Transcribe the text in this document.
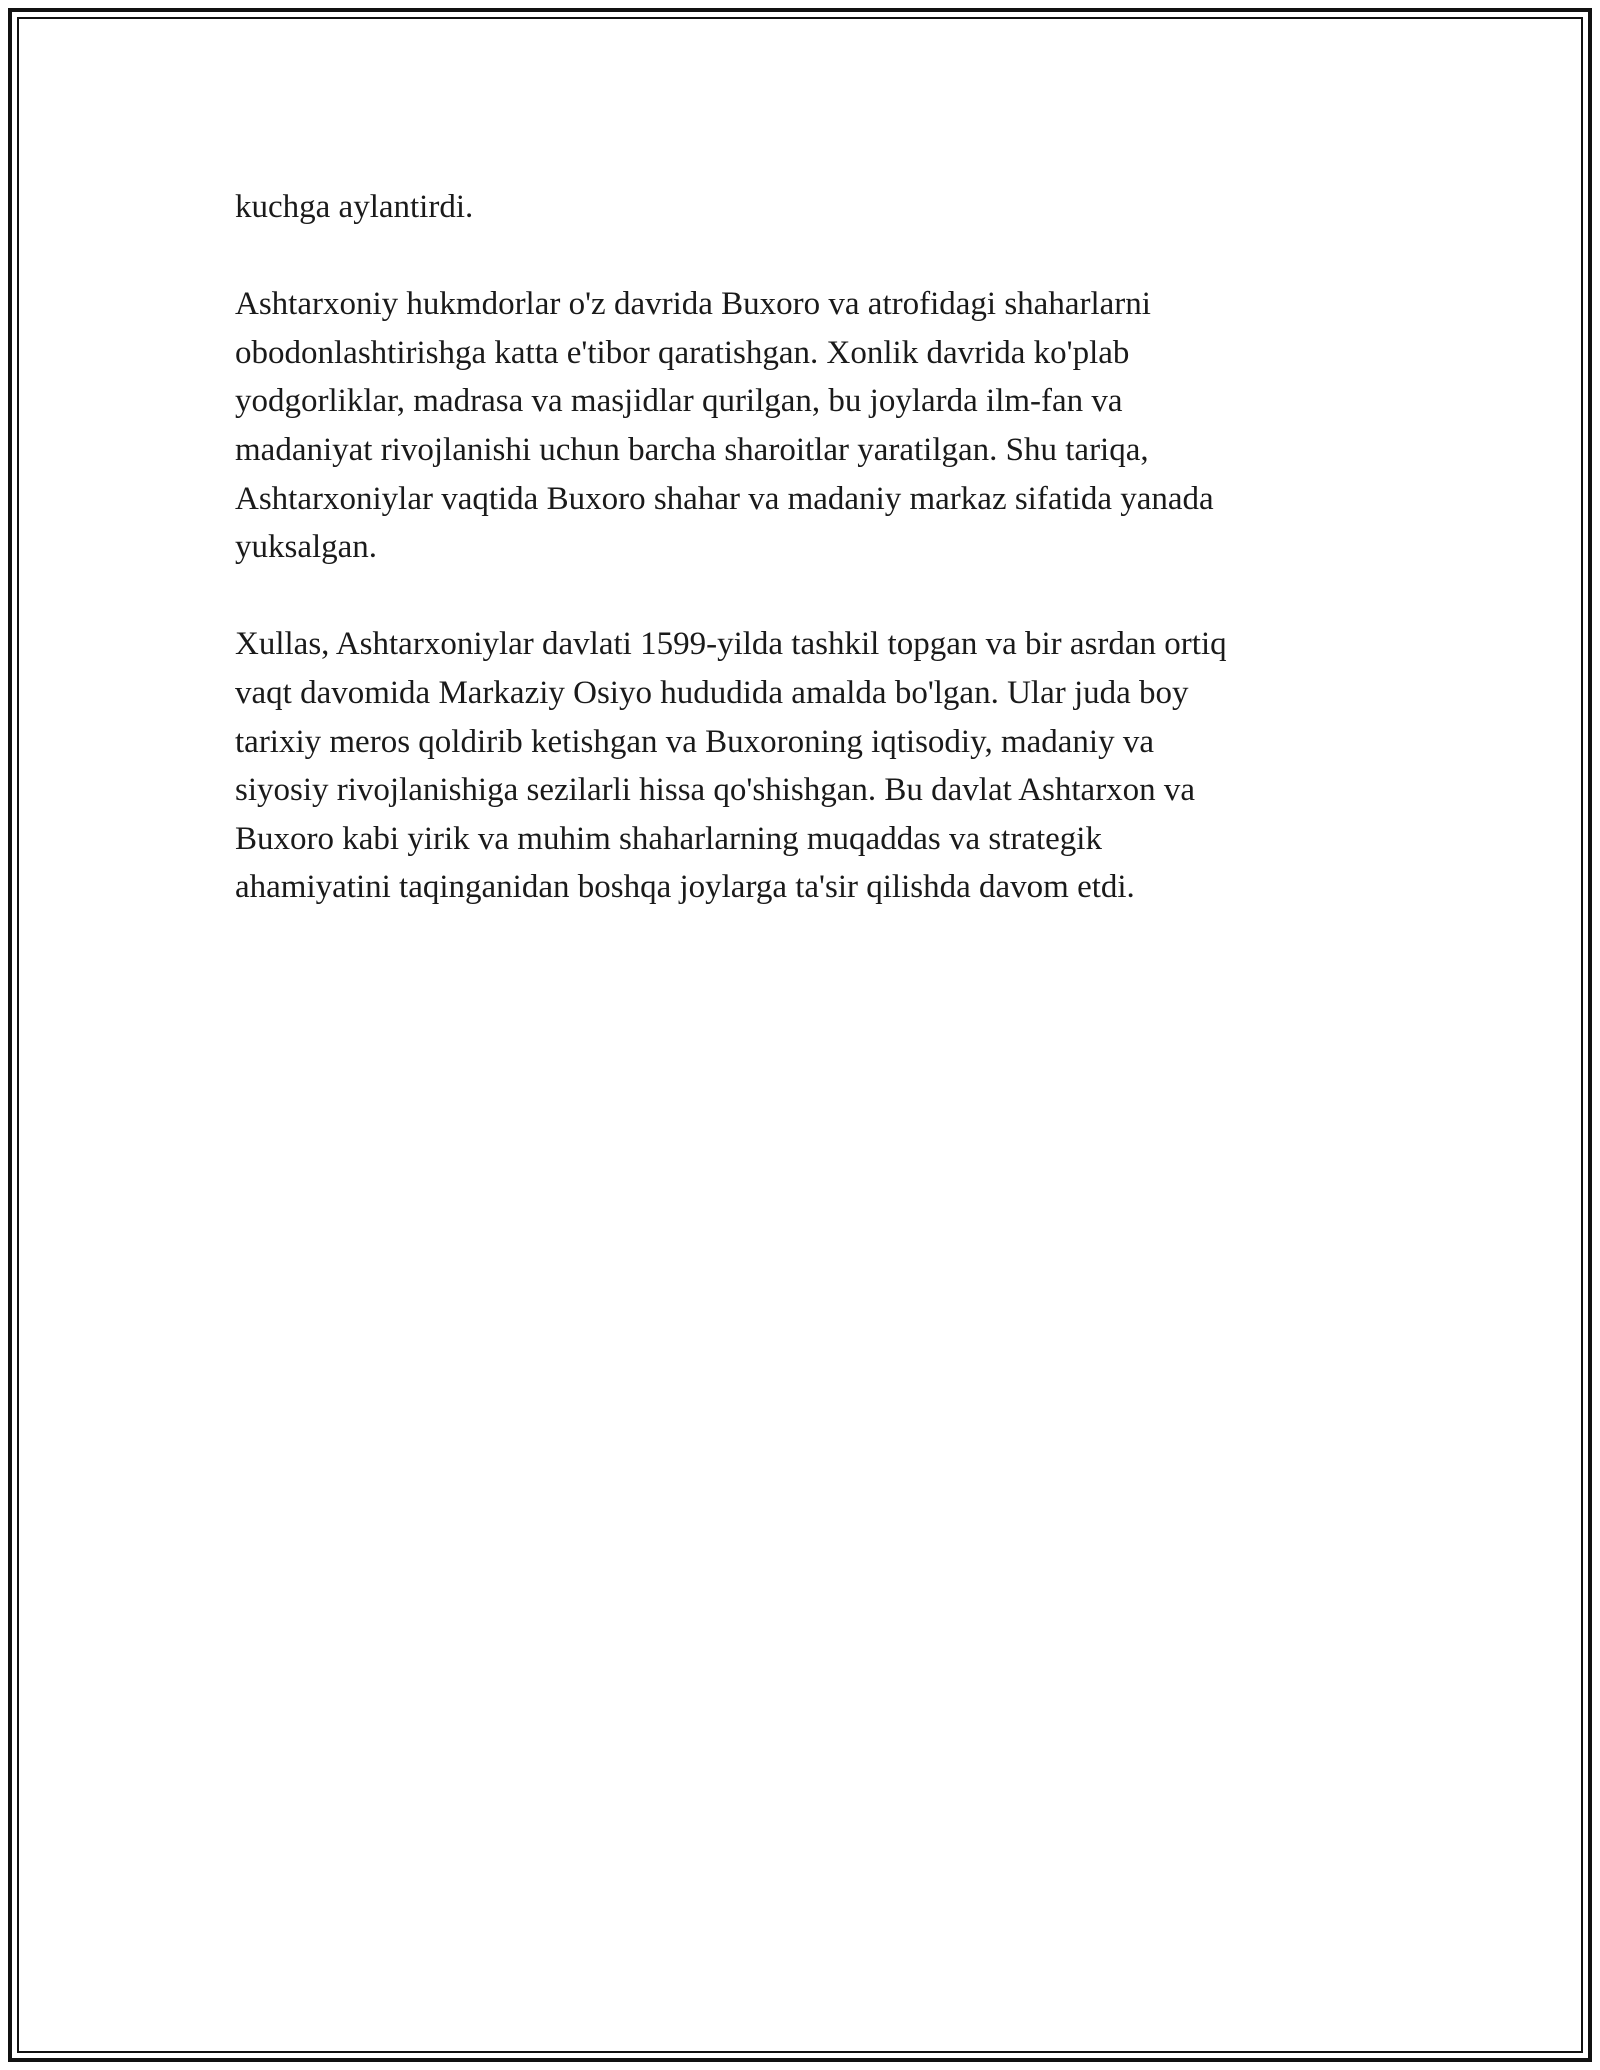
kuchga aylantirdi.

Ashtarxoniy hukmdorlar o'z davrida Buxoro va atrofidagi shaharlarni
obodonlashtirishga katta e'tibor qaratishgan. Xonlik davrida ko'plab
yodgorliklar, madrasa va masjidlar qurilgan, bu joylarda ilm-fan va
madaniyat rivojlanishi uchun barcha sharoitlar yaratilgan. Shu tariqa,
Ashtarxoniylar vaqtida Buxoro shahar va madaniy markaz sifatida yanada
yuksalgan.

Xullas, Ashtarxoniylar davlati 1599-yilda tashkil topgan va bir asrdan ortiq
vaqt davomida Markaziy Osiyo hududida amalda bo'lgan. Ular juda boy
tarixiy meros qoldirib ketishgan va Buxoroning iqtisodiy, madaniy va
siyosiy rivojlanishiga sezilarli hissa qo'shishgan. Bu davlat Ashtarxon va
Buxoro kabi yirik va muhim shaharlarning muqaddas va strategik
ahamiyatini taqinganidan boshqa joylarga ta'sir qilishda davom etdi.
